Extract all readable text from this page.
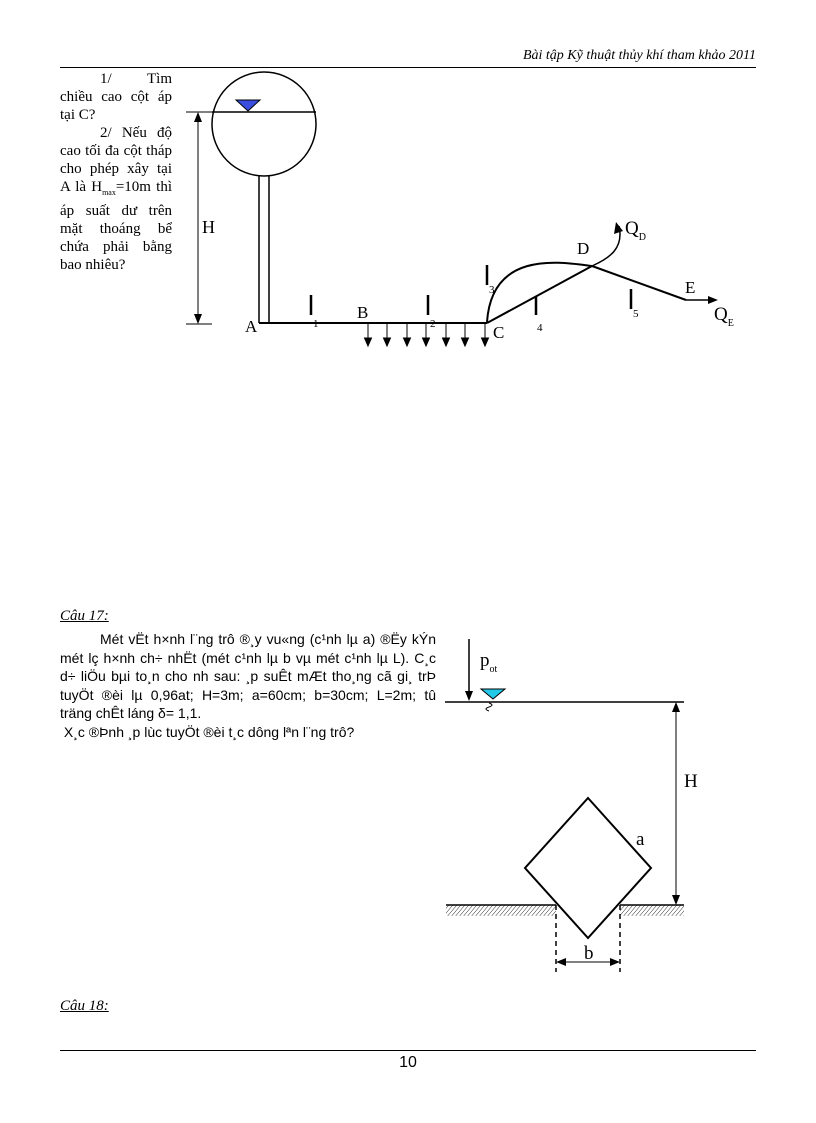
Bài tập Kỹ thuật thủy khí tham khảo 2011

1/ Tìm chiều cao cột áp tại C?

2/ Nếu độ cao tối đa cột tháp cho phép xây tại A là $H_{max}=10m$ thì áp suất dư trên mặt thoáng bể chứa phải bằng bao nhiêu?

H
A
B
C
1	2
3
4
5
D
$Q_D$
E
$Q_E$
$p_{ot}$
H
a
b
Câu 17:

Mét vËt h×nh l¨ng trô ®¸y vu«ng (c¹nh lµ a) ®Ëy kÝn mét lç h×nh ch÷ nhËt (mét c¹nh lµ b vµ mét c¹nh lµ L). C¸c d÷ liÖu bµi to¸n cho nh sau: ¸p suÊt mÆt tho¸ng cã gi¸ trÞ tuyÖt ®èi lµ 0,96at; H=3m; a=60cm; b=30cm; L=2m; tû träng chÊt láng δ= 1,1.

X¸c ®Þnh ¸p lùc tuyÖt ®èi t¸c dông lªn l¨ng trô?

Câu 18:
10
